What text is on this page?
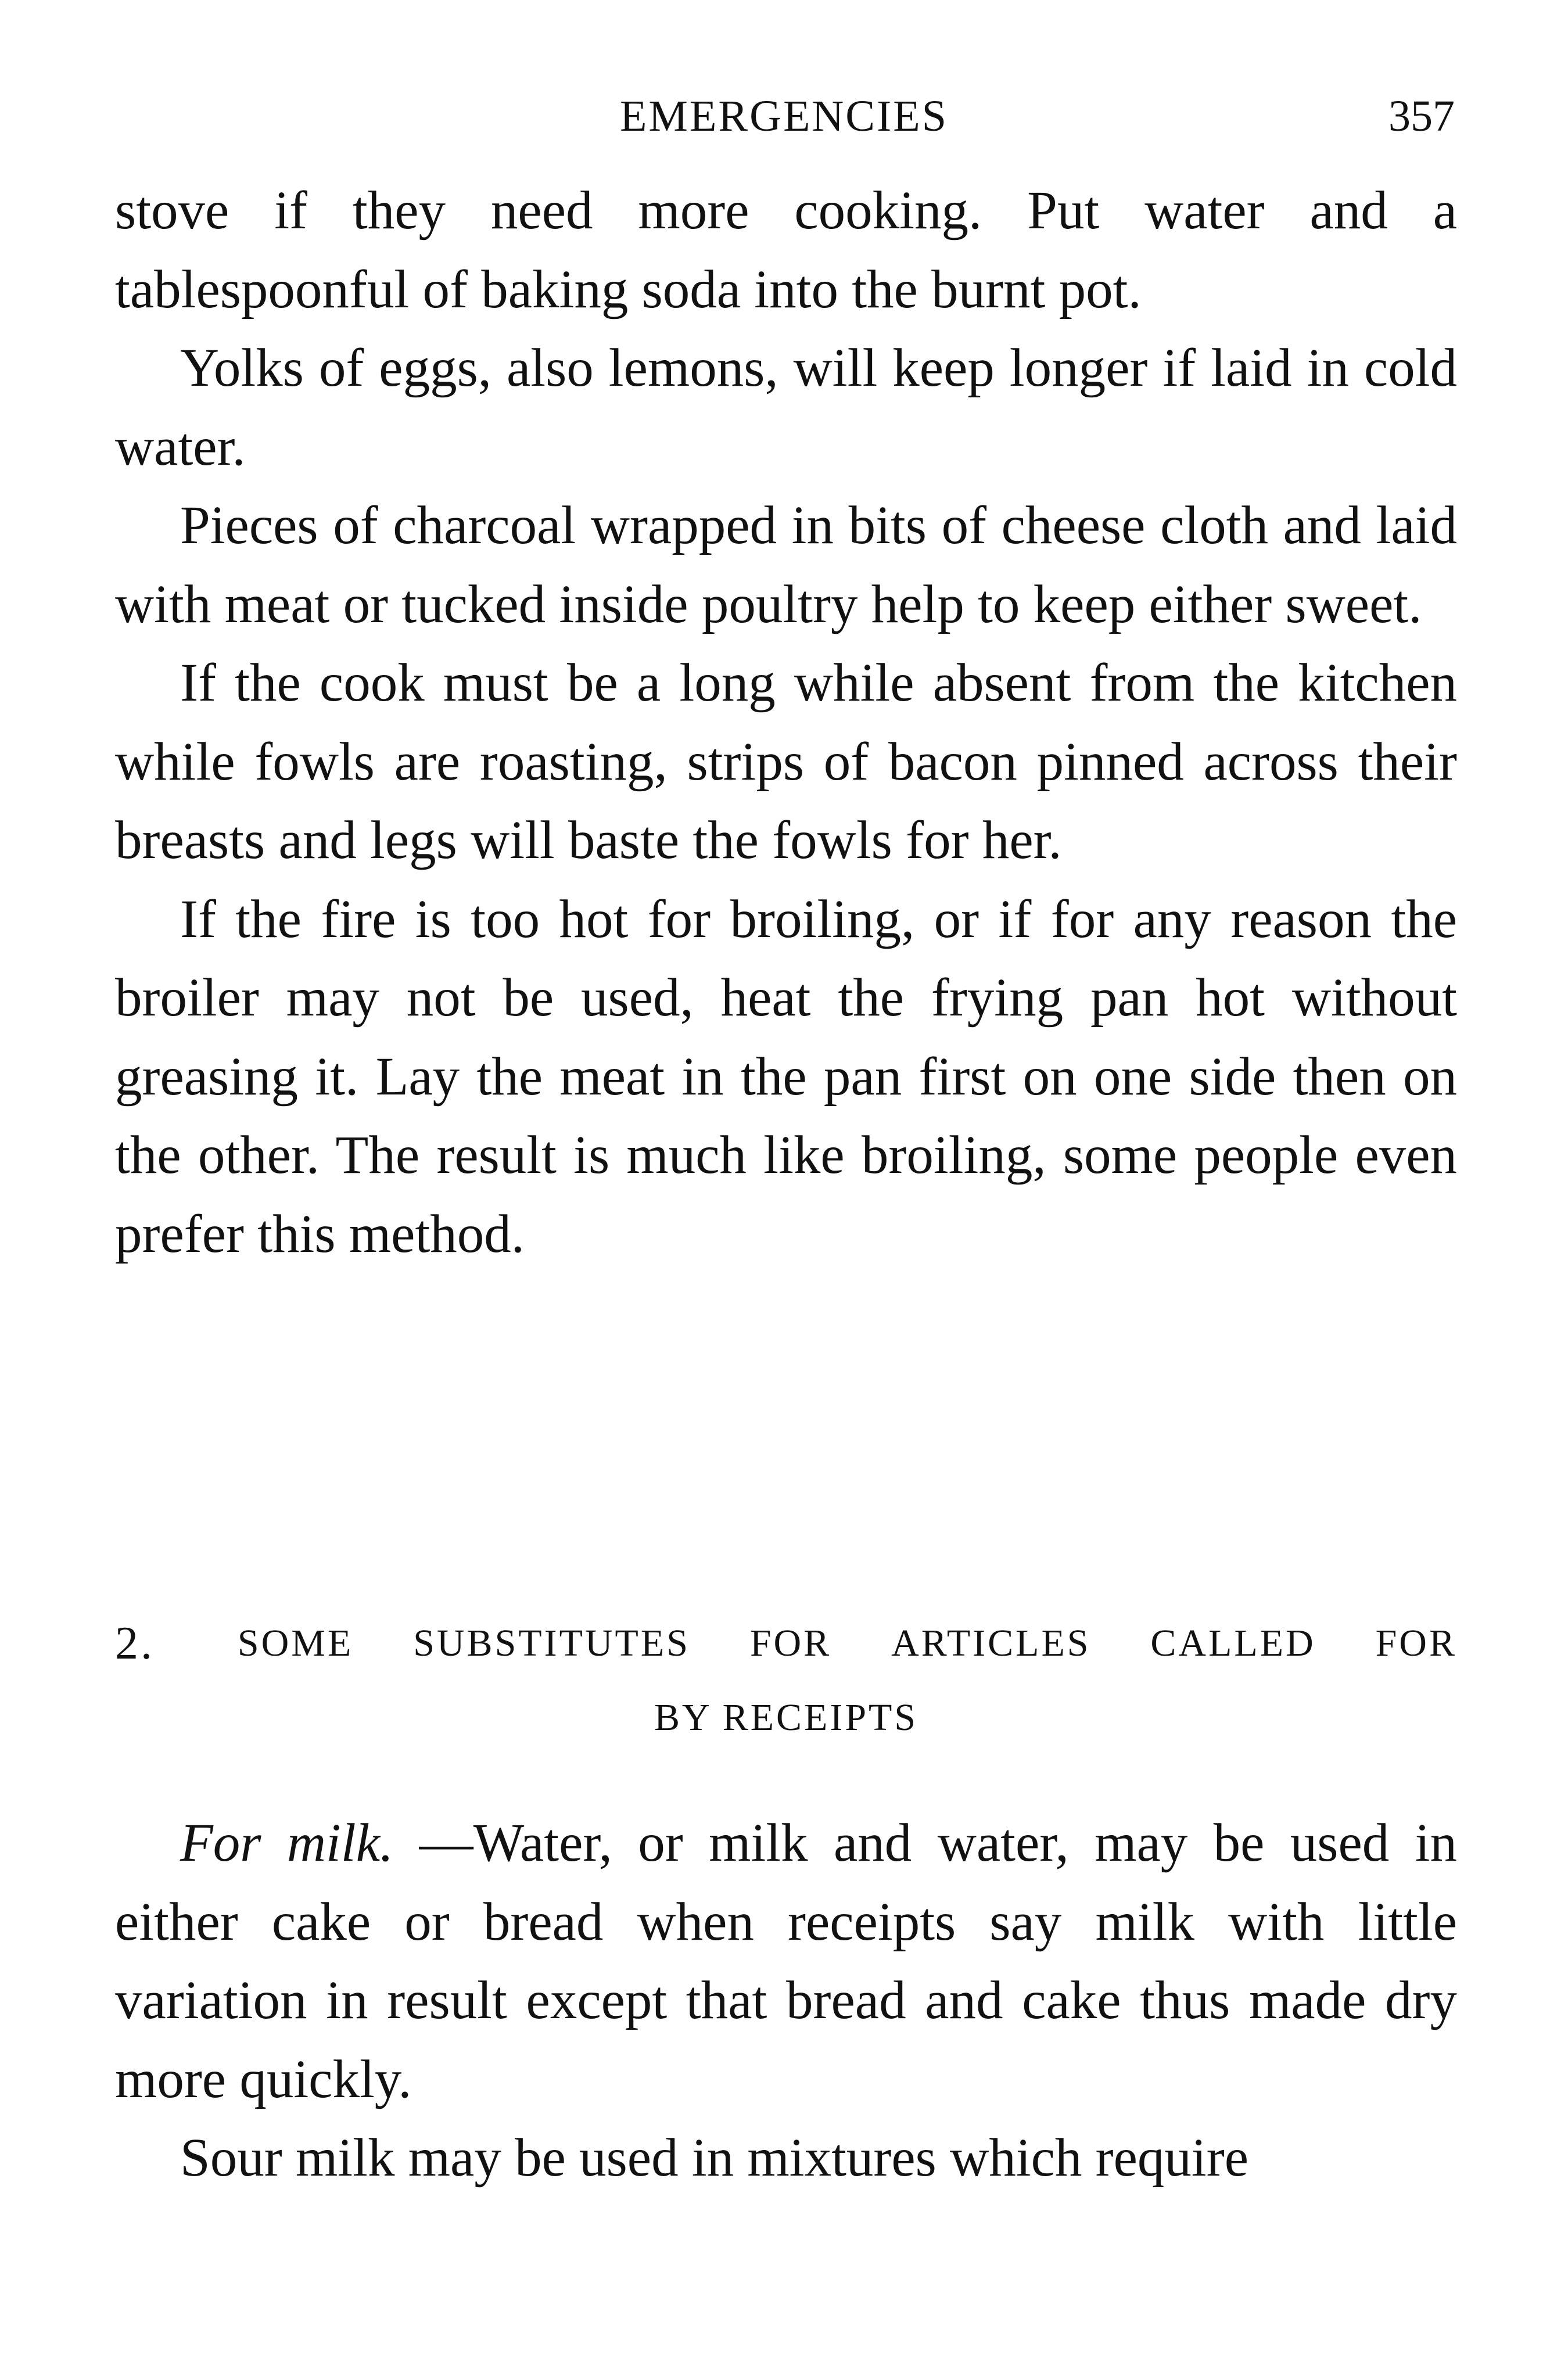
EMERGENCIES	357

stove if they need more cooking. Put water and a tablespoonful of baking soda into the burnt pot.

Yolks of eggs, also lemons, will keep longer if laid in cold water.

Pieces of charcoal wrapped in bits of cheese cloth and laid with meat or tucked inside poultry help to keep either sweet.

If the cook must be a long while absent from the kitchen while fowls are roasting, strips of bacon pinned across their breasts and legs will baste the fowls for her.

If the fire is too hot for broiling, or if for any reason the broiler may not be used, heat the frying pan hot without greasing it. Lay the meat in the pan first on one side then on the other. The result is much like broiling, some people even prefer this method.

2. SOME SUBSTITUTES FOR ARTICLES CALLED FOR
BY RECEIPTS

For milk. —Water, or milk and water, may be used in either cake or bread when receipts say milk with little variation in result except that bread and cake thus made dry more quickly.

Sour milk may be used in mixtures which require
